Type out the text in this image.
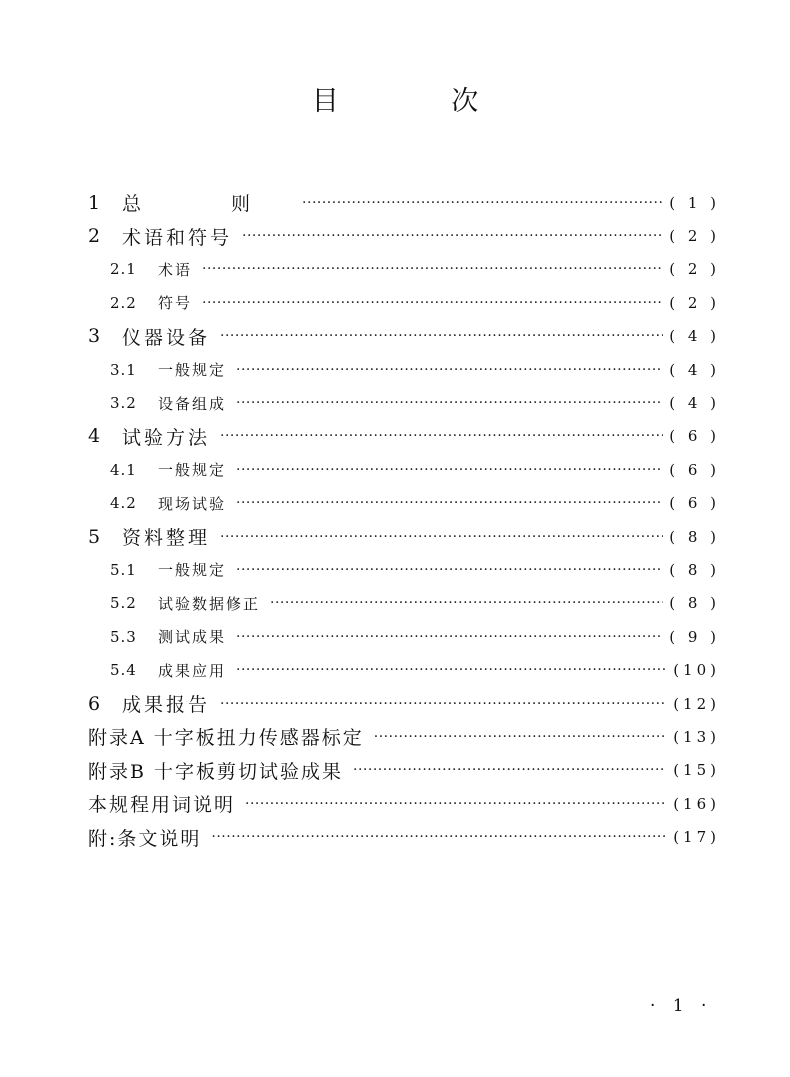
目 次
1	总 则 ·····	( 1 )
2	术语和符号 ·····	( 2 )
2.1	术语 ·····	( 2 )
2.2	符号 ·····	( 2 )
3	仪器设备 ·····	( 4 )
3.1	一般规定 ·····	( 4 )
3.2	设备组成 ·····	( 4 )
4	试验方法 ·····	( 6 )
4.1	一般规定 ·····	( 6 )
4.2	现场试验 ·····	( 6 )
5	资料整理 ·····	( 8 )
5.1	一般规定 ·····	( 8 )
5.2	试验数据修正 ·····	( 8 )
5.3	测试成果 ·····	( 9 )
5.4	成果应用 ·····	(10)
6	成果报告 ·····	(12)
附录A 十字板扭力传感器标定 ·····	(13)
附录B 十字板剪切试验成果 ·····	(15)
本规程用词说明 ·····	(16)
附:条文说明 ·····	(17)
· 1 ·
